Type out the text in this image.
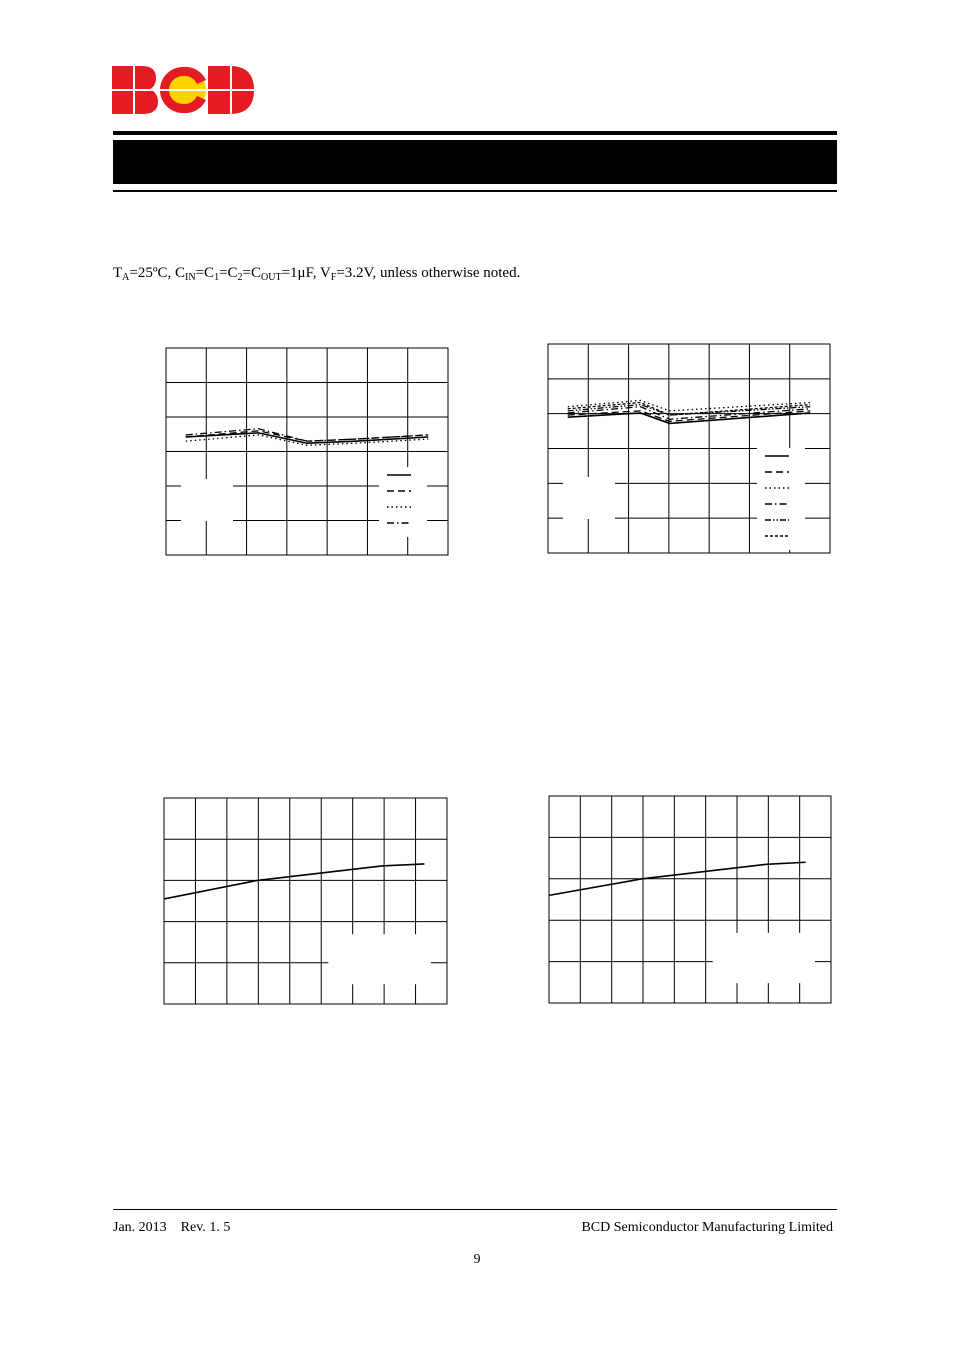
$T_A=25ºC$, $C_{IN}=C_1=C_2=C_{OUT}=1\mu F$, $V_F=3.2V$, unless otherwise noted.
Jan. 2013 Rev. 1. 5	BCD Semiconductor Manufacturing Limited
9
